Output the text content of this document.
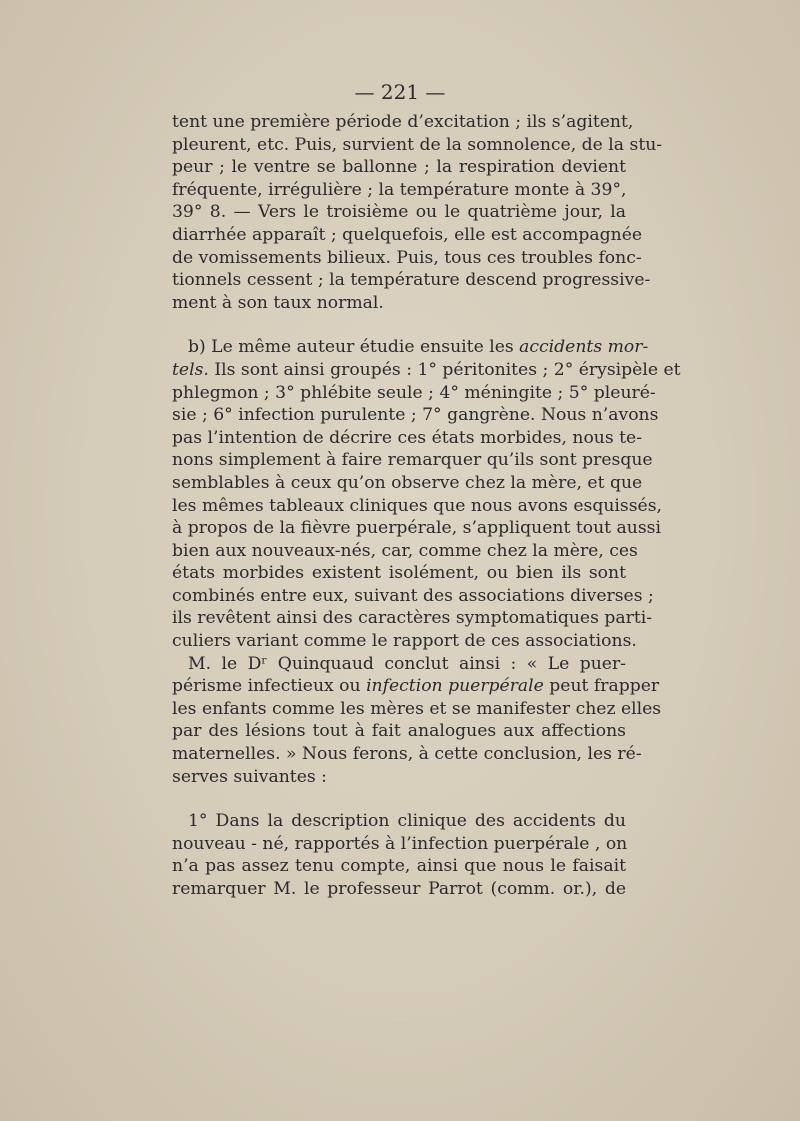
— 221 —
tent une première période d’excitation ; ils s’agitent,
pleurent, etc. Puis, survient de la somnolence, de la stu-
peur ; le ventre se ballonne ; la respiration devient
fréquente, irrégulière ; la température monte à 39°,
39° 8. — Vers le troisième ou le quatrième jour, la
diarrhée apparaît ; quelquefois, elle est accompagnée
de vomissements bilieux. Puis, tous ces troubles fonc-
tionnels cessent ; la température descend progressive-
ment à son taux normal.
b) Le même auteur étudie ensuite les accidents mor-
tels. Ils sont ainsi groupés : 1° péritonites ; 2° érysipèle et
phlegmon ; 3° phlébite seule ; 4° méningite ; 5° pleuré-
sie ; 6° infection purulente ; 7° gangrène. Nous n’avons
pas l’intention de décrire ces états morbides, nous te-
nons simplement à faire remarquer qu’ils sont presque
semblables à ceux qu’on observe chez la mère, et que
les mêmes tableaux cliniques que nous avons esquissés,
à propos de la fièvre puerpérale, s’appliquent tout aussi
bien aux nouveaux-nés, car, comme chez la mère, ces
états morbides existent isolément, ou bien ils sont
combinés entre eux, suivant des associations diverses ;
ils revêtent ainsi des caractères symptomatiques parti-
culiers variant comme le rapport de ces associations.
M. le Dʳ Quinquaud conclut ainsi : « Le puer-
périsme infectieux ou infection puerpérale peut frapper
les enfants comme les mères et se manifester chez elles
par des lésions tout à fait analogues aux affections
maternelles. » Nous ferons, à cette conclusion, les ré-
serves suivantes :
1° Dans la description clinique des accidents du
nouveau - né, rapportés à l’infection puerpérale , on
n’a pas assez tenu compte, ainsi que nous le faisait
remarquer M. le professeur Parrot (comm. or.), de
